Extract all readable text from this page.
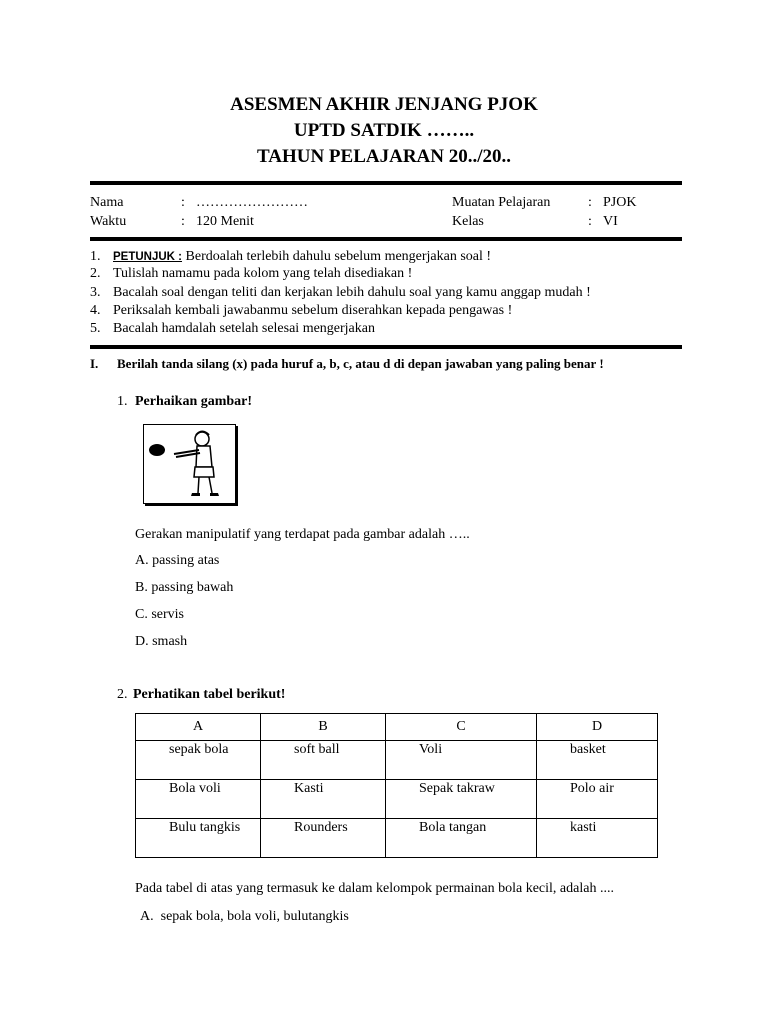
ASESMEN AKHIR JENJANG PJOK
UPTD SATDIK ……..
TAHUN PELAJARAN 20../20..
Nama	: ……………………
Waktu	: 120 Menit
Muatan Pelajaran	: PJOK
Kelas	: VI
1. PETUNJUK : Berdoalah terlebih dahulu sebelum mengerjakan soal !
2. Tulislah namamu pada kolom yang telah disediakan !
3. Bacalah soal dengan teliti dan kerjakan lebih dahulu soal yang kamu anggap mudah !
4. Periksalah kembali jawabanmu sebelum diserahkan kepada pengawas !
5. Bacalah hamdalah setelah selesai mengerjakan
I. Berilah tanda silang (x) pada huruf a, b, c, atau d di depan jawaban yang paling benar !
1. Perhaikan gambar!
Gerakan manipulatif yang terdapat pada gambar adalah …..
A. passing atas
B. passing bawah
C. servis
D. smash
2. Perhatikan tabel berikut!
A	B	C	D
sepak bola	soft ball	Voli	basket
Bola voli	Kasti	Sepak takraw	Polo air
Bulu tangkis	Rounders	Bola tangan	kasti
Pada tabel di atas yang termasuk ke dalam kelompok permainan bola kecil, adalah ....
A. sepak bola, bola voli, bulutangkis
